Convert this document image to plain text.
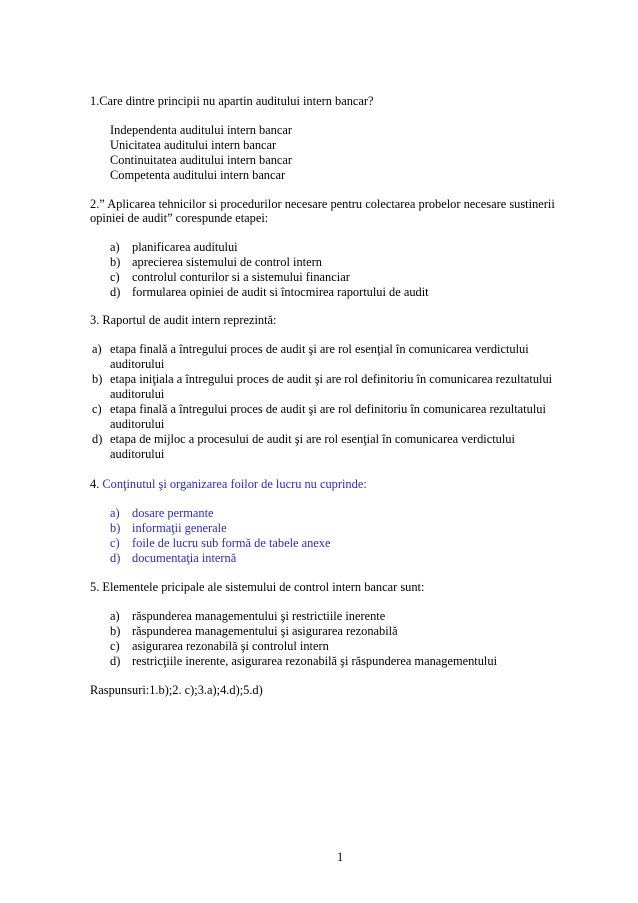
1.Care dintre principii nu apartin auditului intern bancar?
Independenta auditului intern bancar
Unicitatea auditului intern bancar
Continuitatea auditului intern bancar
Competenta auditului intern bancar
2.” Aplicarea tehnicilor si procedurilor necesare pentru colectarea probelor necesare sustinerii
opiniei de audit” corespunde etapei:
a) planificarea auditului
b) aprecierea sistemului de control intern
c) controlul conturilor si a sistemului financiar
d) formularea opiniei de audit si întocmirea raportului de audit
3. Raportul de audit intern reprezintă:
a) etapa finală a întregului proces de audit şi are rol esenţial în comunicarea verdictului
auditorului
b) etapa iniţiala a întregului proces de audit şi are rol definitoriu în comunicarea rezultatului
auditorului
c) etapa finală a întregului proces de audit şi are rol definitoriu în comunicarea rezultatului
auditorului
d) etapa de mijloc a procesului de audit şi are rol esenţial în comunicarea verdictului
auditorului
4. Conţinutul şi organizarea foilor de lucru nu cuprinde:
a) dosare permante
b) informaţii generale
c) foile de lucru sub formă de tabele anexe
d) documentaţia internă
5. Elementele pricipale ale sistemului de control intern bancar sunt:
a) răspunderea managementului şi restrictiile inerente
b) răspunderea managementului şi asigurarea rezonabilă
c) asigurarea rezonabilă şi controlul intern
d) restricţiile inerente, asigurarea rezonabilă şi răspunderea managementului
Raspunsuri:1.b);2. c);3.a);4.d);5.d)
1
